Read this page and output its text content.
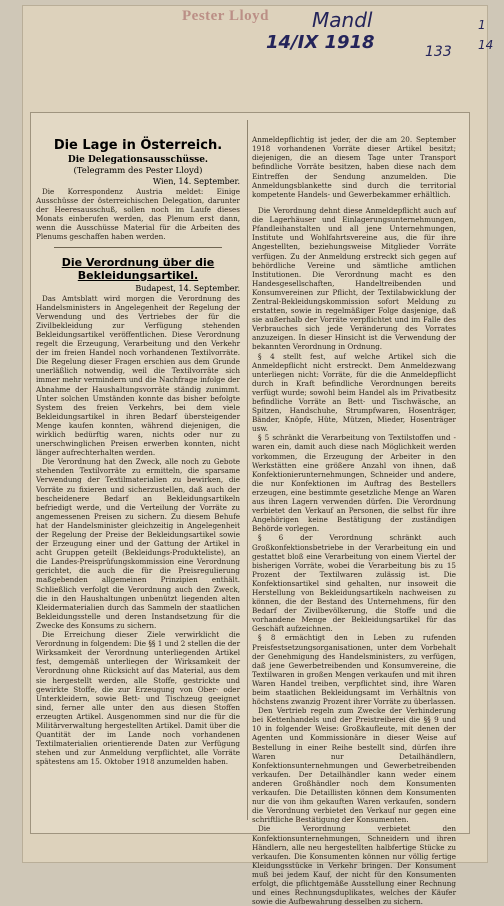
Pester Lloyd Mandl
14/IX 1918	133
1
14
Die Lage in Österreich.
Die Delegationsausschüsse.
(Telegramm des Pester Lloyd)
Wien, 14. September.

Die Korrespondenz Austria meldet: Einige Ausschüsse der österreichischen Delegation, darunter der Heeresausschuß, sollen noch im Laufe dieses Monats einberufen werden, das Plenum erst dann, wenn die Ausschüsse Material für die Arbeiten des Plenums geschaffen haben werden.

Die Verordnung über die Bekleidungsartikel.
Budapest, 14. September.

Das Amtsblatt wird morgen die Verordnung des Handelsministers in Angelegenheit der Regelung der Verwendung und des Vertriebes der für die Zivilbekleidung zur Verfügung stehenden Bekleidungsartikel veröffentlichen. Diese Verordnung regelt die Erzeugung, Verarbeitung und den Verkehr der im freien Handel noch vorhandenen Textilvorräte. Die Regelung dieser Fragen erschien aus dem Grunde unerläßlich notwendig, weil die Textilvorräte sich immer mehr vermindern und die Nachfrage infolge der Abnahme der Haushaltungsvorräte ständig zunimmt. Unter solchen Umständen konnte das bisher befolgte System des freien Verkehrs, bei dem viele Bekleidungsartikel in ihren Bedarf übersteigender Menge kaufen konnten, während diejenigen, die wirklich bedürftig waren, nichts oder nur zu unerschwinglichen Preisen erwerben konnten, nicht länger aufrechterhalten werden.

Die Verordnung hat den Zweck, alle noch zu Gebote stehenden Textilvorräte zu ermitteln, die sparsame Verwendung der Textilmaterialien zu bewirken, die Vorräte zu fixieren und sicherzustellen, daß auch der bescheidenere Bedarf an Bekleidungsartikeln befriedigt werde, und die Verteilung der Vorräte zu angemessenen Preisen zu sichern. Zu diesem Behufe hat der Handelsminister gleichzeitig in Angelegenheit der Regelung der Preise der Bekleidungsartikel sowie der Erzeugung einer und der Gattung der Artikel in acht Gruppen geteilt (Bekleidungs-Produkteliste), an die Landes-Preisprüfungskommission eine Verordnung gerichtet, die auch die für die Preisregulierung maßgebenden allgemeinen Prinzipien enthält. Schließlich verfolgt die Verordnung auch den Zweck, die in den Haushaltungen unbenützt liegenden alten Kleidermaterialien durch das Sammeln der staatlichen Bekleidungsstelle und deren Instandsetzung für die Zwecke des Konsums zu sichern.

Die Erreichung dieser Ziele verwirklicht die Verordnung in folgendem: Die §§ 1 und 2 stellen die der Wirksamkeit der Verordnung unterliegenden Artikel fest, demgemäß unterliegen der Wirksamkeit der Verordnung ohne Rücksicht auf das Material, aus dem sie hergestellt werden, alle Stoffe, gestrickte und gewirkte Stoffe, die zur Erzeugung von Ober- oder Unterkleidern, sowie Bett- und Tischzeug geeignet sind, ferner alle unter den aus diesen Stoffen erzeugten Artikel. Ausgenommen sind nur die für die Militärverwaltung hergestellten Artikel. Damit über die Quantität der im Lande noch vorhandenen Textilmaterialien orientierende Daten zur Verfügung stehen und zur Anmeldung verpflichtet, alle Vorräte spätestens am 15. Oktober 1918 anzumelden haben.

Anmeldepflichtig ist jeder, der die am 20. September 1918 vorhandenen Vorräte dieser Artikel besitzt; diejenigen, die an diesem Tage unter Transport befindliche Vorräte besitzen, haben diese nach dem Eintreffen der Sendung anzumelden. Die Anmeldungsblankette sind durch die territorial kompetente Handels- und Gewerbekammer erhältlich.

Die Verordnung dehnt diese Anmeldepflicht auch auf die Lagerhäuser und Einlagerungsunternehmungen, Pfandleihanstalten und all jene Unternehmungen, Institute und Wohlfahrtsvereine aus, die für ihre Angestellten, beziehungsweise Mitglieder Vorräte verfügen. Zu der Anmeldung erstreckt sich gegen auf behördliche Vereine und sämtliche amtlichen Institutionen. Die Verordnung macht es den Handesgesellschaften, Handeltreibenden und Konsumvereinen zur Pflicht, der Textilabwicklung der Zentral-Bekleidungskommission sofort Meldung zu erstatten, sowie in regelmäßiger Folge dasjenige, daß sie außerhalb der Vorräte verpflichtet und im Falle des Verbrauches sich jede Veränderung des Vorrates anzuzeigen. In dieser Hinsicht ist die Verwendung der bekannten Verordnung in Ordnung.

§ 4 stellt fest, auf welche Artikel sich die Anmeldepflicht nicht erstreckt. Dem Anmeldezwang unterliegen nicht: Vorräte, für die die Anmeldepflicht durch in Kraft befindliche Verordnungen bereits verfügt wurde; sowohl beim Handel als im Privatbesitz befindliche Vorräte an Bett- und Tischwäsche, an Spitzen, Handschuhe, Strumpfwaren, Hosenträger, Bänder, Knöpfe, Hüte, Mützen, Mieder, Hosenträger usw.

§ 5 schränkt die Verarbeitung von Textilstoffen und -waren ein, damit auch diese nach Möglichkeit werden vorkommen, die Erzeugung der Arbeiter in den Werkstätten eine größere Anzahl von ihnen, daß Konfektionierunternehmungen, Schneider und andere, die nur Konfektionen im Auftrag des Bestellers erzeugen, eine bestimmte gesetzliche Menge an Waren aus ihren Lagern verwenden dürfen. Die Verordnung verbietet den Verkauf an Personen, die selbst für ihre Angehörigen keine Bestätigung der zuständigen Behörde vorlegen.

§ 6 der Verordnung schränkt auch Großkonfektionsbetriebe in der Verarbeitung ein und gestattet bloß eine Verarbeitung von einem Viertel der bisherigen Vorräte, wobei die Verarbeitung bis zu 15 Prozent der Textilwaren zulässig ist. Die Konfektionsartikel sind gehalten, nur insoweit die Herstellung von Bekleidungsartikeln nachweisen zu können, die der Bestand des Unternehmens, für den Bedarf der Zivilbevölkerung, die Stoffe und die vorhandene Menge der Bekleidungsartikel für das Geschäft aufzeichnen.

§ 8 ermächtigt den in Leben zu rufenden Preisfestsetzungsorganisationen, unter dem Vorbehalt der Genehmigung des Handelsministers, zu verfügen, daß jene Gewerbetreibenden und Konsumvereine, die Textilwaren in großen Mengen verkaufen und mit ihren Waren Handel treiben, verpflichtet sind, ihre Waren beim staatlichen Bekleidungsamt im Verhältnis von höchstens zwanzig Prozent ihrer Vorräte zu überlassen.

Den Vertrieb regeln zum Zwecke der Verhinderung bei Kettenhandels und der Preistreiberei die §§ 9 und 10 in folgender Weise: Großkaufleute, mit denen der Agenten und Kommissionäre in dieser Weise auf Bestellung in einer Reihe bestellt sind, dürfen ihre Waren nur Detailhändlern, Konfektionsunternehmungen und Gewerbetreibenden verkaufen. Der Detailhändler kann weder einem anderen Großhändler noch dem Konsumenten verkaufen. Die Detaillisten können dem Konsumenten nur die von ihm gekauften Waren verkaufen, sondern die Verordnung verbietet den Verkauf nur gegen eine schriftliche Bestätigung der Konsumenten.

Die Verordnung verbietet den Konfektionsunternehmungen, Schneidern und ihren Händlern, alle neu hergestellten halbfertige Stücke zu verkaufen. Die Konsumenten können nur völlig fertige Kleidungsstücke in Verkehr bringen. Der Konsument muß bei jedem Kauf, der nicht für den Konsumenten erfolgt, die pflichtgemäße Ausstellung einer Rechnung und eines Rechnungsduplikates, welches der Käufer sowie die Aufbewahrung desselben zu sichern.
